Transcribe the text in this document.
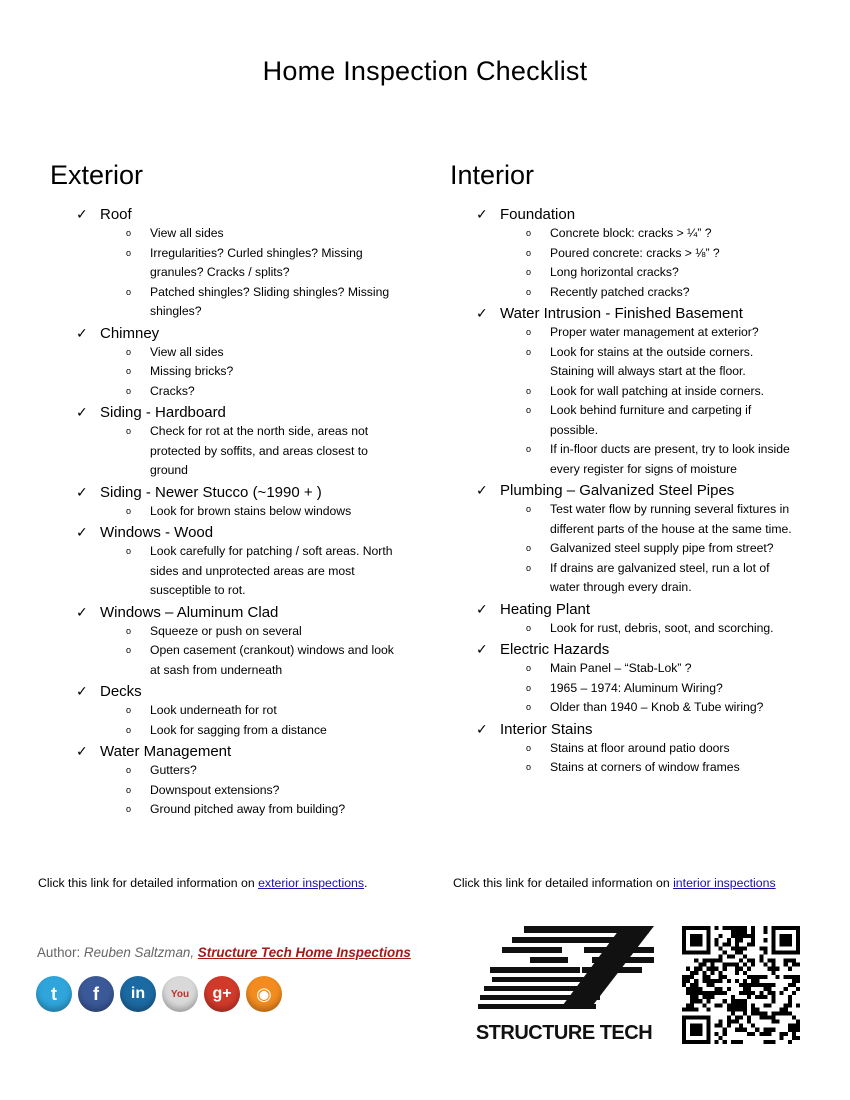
Home Inspection Checklist
Exterior
✓ Roof
o	View all sides
o	Irregularities? Curled shingles? Missing granules? Cracks / splits?
o	Patched shingles? Sliding shingles? Missing shingles?
✓ Chimney
o	View all sides
o	Missing bricks?
o	Cracks?
✓ Siding - Hardboard
o	Check for rot at the north side, areas not protected by soffits, and areas closest to ground
✓ Siding - Newer Stucco (~1990 + )
o	Look for brown stains below windows
✓ Windows - Wood
o	Look carefully for patching / soft areas. North sides and unprotected areas are most susceptible to rot.
✓ Windows – Aluminum Clad
o	Squeeze or push on several
o	Open casement (crankout) windows and look at sash from underneath
✓ Decks
o	Look underneath for rot
o	Look for sagging from a distance
✓ Water Management
o	Gutters?
o	Downspout extensions?
o	Ground pitched away from building?
Interior
✓ Foundation
o	Concrete block: cracks > ¼” ?
o	Poured concrete: cracks > ⅛” ?
o	Long horizontal cracks?
o	Recently patched cracks?
✓ Water Intrusion - Finished Basement
o	Proper water management at exterior?
o	Look for stains at the outside corners. Staining will always start at the floor.
o	Look for wall patching at inside corners.
o	Look behind furniture and carpeting if possible.
o	If in-floor ducts are present, try to look inside every register for signs of moisture
✓ Plumbing – Galvanized Steel Pipes
o	Test water flow by running several fixtures in different parts of the house at the same time.
o	Galvanized steel supply pipe from street?
o	If drains are galvanized steel, run a lot of water through every drain.
✓ Heating Plant
o	Look for rust, debris, soot, and scorching.
✓ Electric Hazards
o	Main Panel – “Stab-Lok” ?
o	1965 – 1974: Aluminum Wiring?
o	Older than 1940 – Knob & Tube wiring?
✓ Interior Stains
o	Stains at floor around patio doors
o	Stains at corners of window frames
Click this link for detailed information on exterior inspections.	Click this link for detailed information on interior inspections
Author: Reuben Saltzman, Structure Tech Home Inspections
t	f	in	You	g+	◉
STRUCTURE TECH
